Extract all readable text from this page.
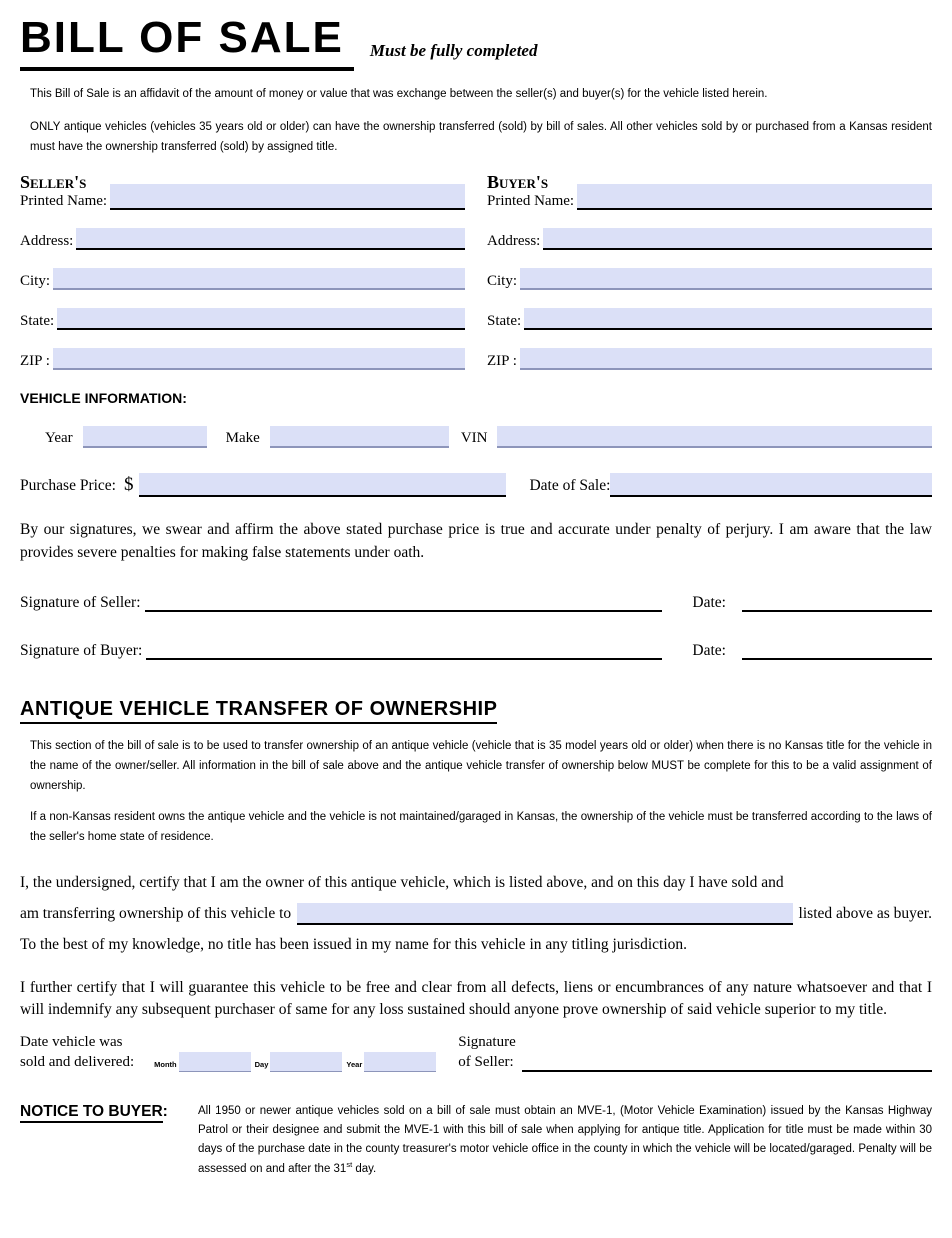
BILL OF SALE	Must be fully completed

This Bill of Sale is an affidavit of the amount of money or value that was exchange between the seller(s) and buyer(s) for the vehicle listed herein.

ONLY antique vehicles (vehicles 35 years old or older) can have the ownership transferred (sold) by bill of sales. All other vehicles sold by or purchased from a Kansas resident must have the ownership transferred (sold) by assigned title.

Seller's
Printed Name:
Address:
City:
State:
ZIP :
Buyer's
Printed Name:
Address:
City:
State:
ZIP :
VEHICLE INFORMATION:
Year	Make	VIN
Purchase Price: $	Date of Sale:

By our signatures, we swear and affirm the above stated purchase price is true and accurate under penalty of perjury. I am aware that the law provides severe penalties for making false statements under oath.

Signature of Seller:	Date:
Signature of Buyer:	Date:
ANTIQUE VEHICLE TRANSFER OF OWNERSHIP

This section of the bill of sale is to be used to transfer ownership of an antique vehicle (vehicle that is 35 model years old or older) when there is no Kansas title for the vehicle in the name of the owner/seller. All information in the bill of sale above and the antique vehicle transfer of ownership below MUST be complete for this to be a valid assignment of ownership.

If a non-Kansas resident owns the antique vehicle and the vehicle is not maintained/garaged in Kansas, the ownership of the vehicle must be transferred according to the laws of the seller's home state of residence.

I, the undersigned, certify that I am the owner of this antique vehicle, which is listed above, and on this day I have sold and
am transferring ownership of this vehicle to	listed above as buyer.
To the best of my knowledge, no title has been issued in my name for this vehicle in any titling jurisdiction.

I further certify that I will guarantee this vehicle to be free and clear from all defects, liens or encumbrances of any nature whatsoever and that I will indemnify any subsequent purchaser of same for any loss sustained should anyone prove ownership of said vehicle superior to my title.

Date vehicle was
sold and delivered:	Month	Day	Year
Signature
of Seller:
NOTICE TO BUYER:	All 1950 or newer antique vehicles sold on a bill of sale must obtain an MVE-1, (Motor Vehicle Examination) issued by the Kansas Highway Patrol or their designee and submit the MVE-1 with this bill of sale when applying for antique title. Application for title must be made within 30 days of the purchase date in the county treasurer's motor vehicle office in the county in which the vehicle will be located/garaged. Penalty will be assessed on and after the 31st day.
